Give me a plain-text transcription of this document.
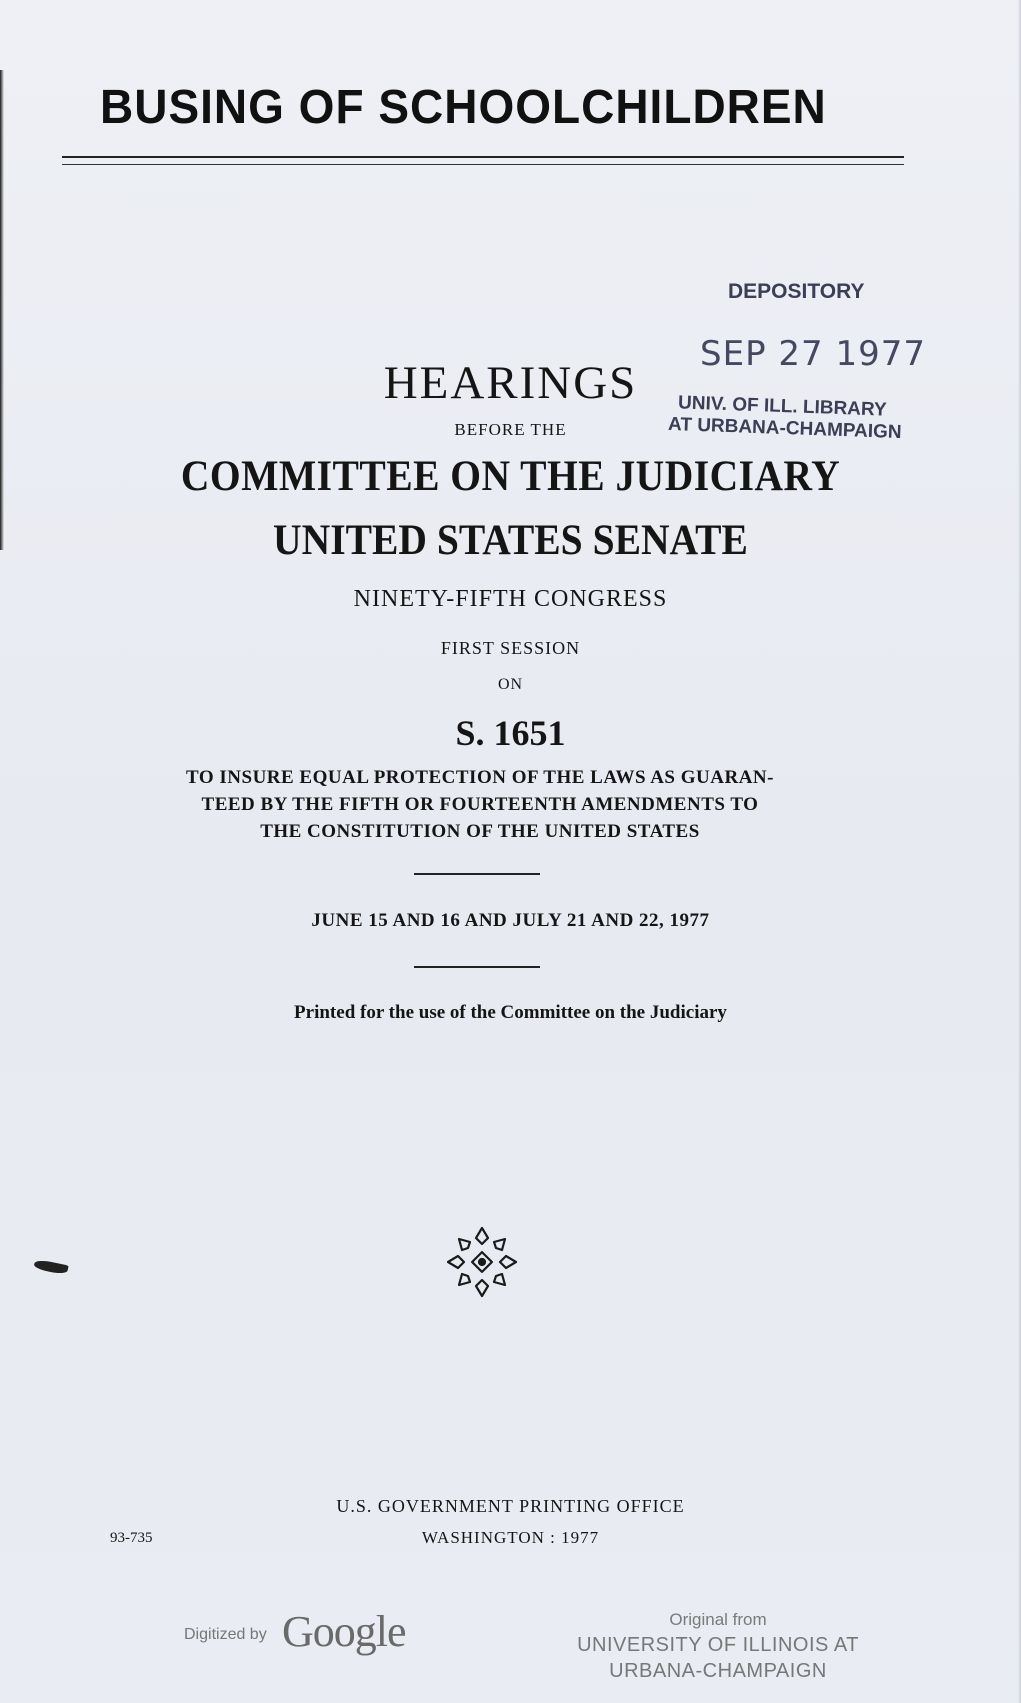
BUSING OF SCHOOLCHILDREN
DEPOSITORY
SEP 27 1977
UNIV. OF ILL. LIBRARY
AT URBANA-CHAMPAIGN
HEARINGS
BEFORE THE
COMMITTEE ON THE JUDICIARY
UNITED STATES SENATE
NINETY-FIFTH CONGRESS
FIRST SESSION
ON
S. 1651
TO INSURE EQUAL PROTECTION OF THE LAWS AS GUARAN-
TEED BY THE FIFTH OR FOURTEENTH AMENDMENTS TO
THE CONSTITUTION OF THE UNITED STATES
JUNE 15 AND 16 AND JULY 21 AND 22, 1977
Printed for the use of the Committee on the Judiciary
U.S. GOVERNMENT PRINTING OFFICE
WASHINGTON : 1977
93-735
Digitized by Google	Original from
UNIVERSITY OF ILLINOIS AT
URBANA-CHAMPAIGN
